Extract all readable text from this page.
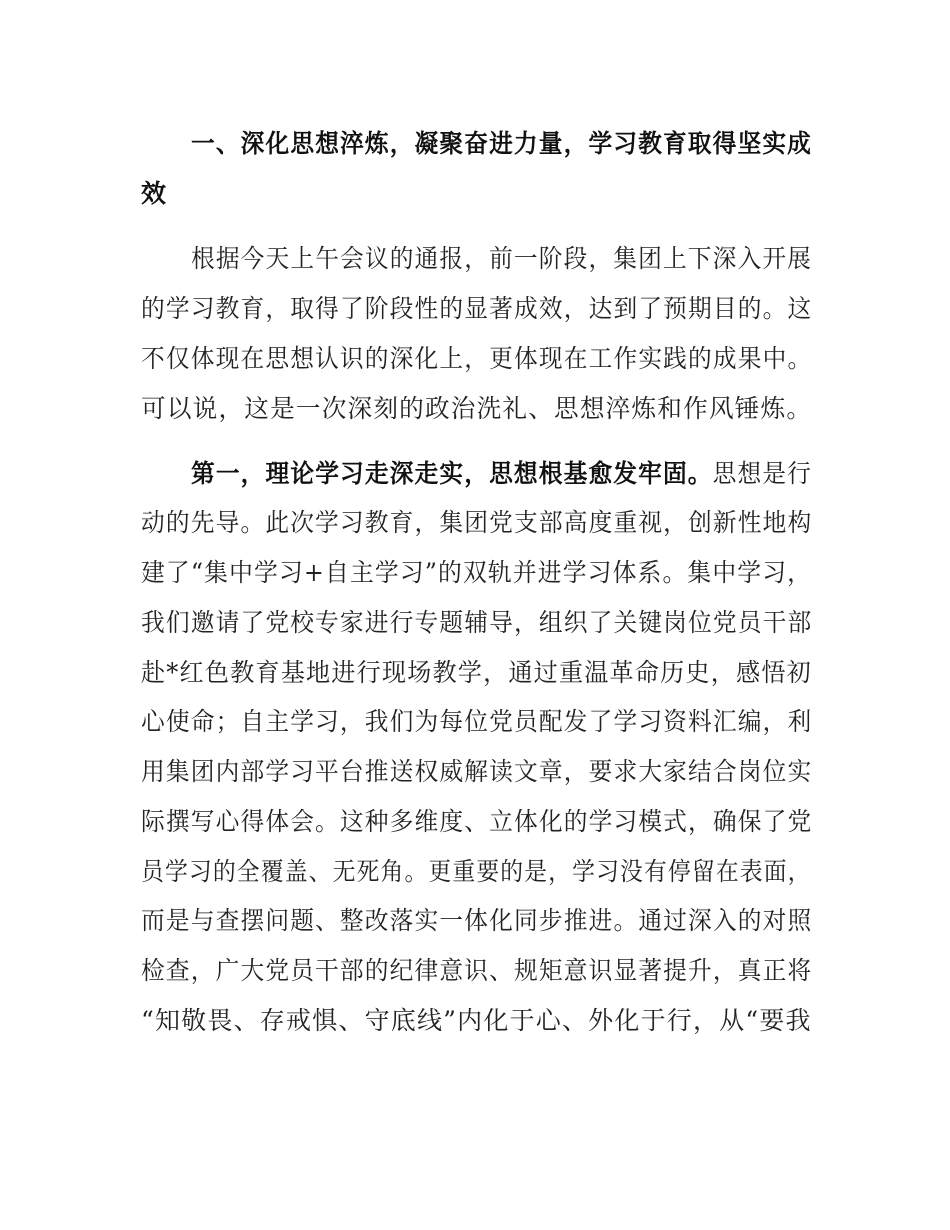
一、深化思想淬炼，凝聚奋进力量，学习教育取得坚实成
效
根据今天上午会议的通报，前一阶段，集团上下深入开展
的学习教育，取得了阶段性的显著成效，达到了预期目的。这
不仅体现在思想认识的深化上，更体现在工作实践的成果中。
可以说，这是一次深刻的政治洗礼、思想淬炼和作风锤炼。
第一，理论学习走深走实，思想根基愈发牢固。思想是行
动的先导。此次学习教育，集团党支部高度重视，创新性地构
建了“集中学习+自主学习”的双轨并进学习体系。集中学习，
我们邀请了党校专家进行专题辅导，组织了关键岗位党员干部
赴*红色教育基地进行现场教学，通过重温革命历史，感悟初
心使命；自主学习，我们为每位党员配发了学习资料汇编，利
用集团内部学习平台推送权威解读文章，要求大家结合岗位实
际撰写心得体会。这种多维度、立体化的学习模式，确保了党
员学习的全覆盖、无死角。更重要的是，学习没有停留在表面，
而是与查摆问题、整改落实一体化同步推进。通过深入的对照
检查，广大党员干部的纪律意识、规矩意识显著提升，真正将
“知敬畏、存戒惧、守底线”内化于心、外化于行，从“要我
